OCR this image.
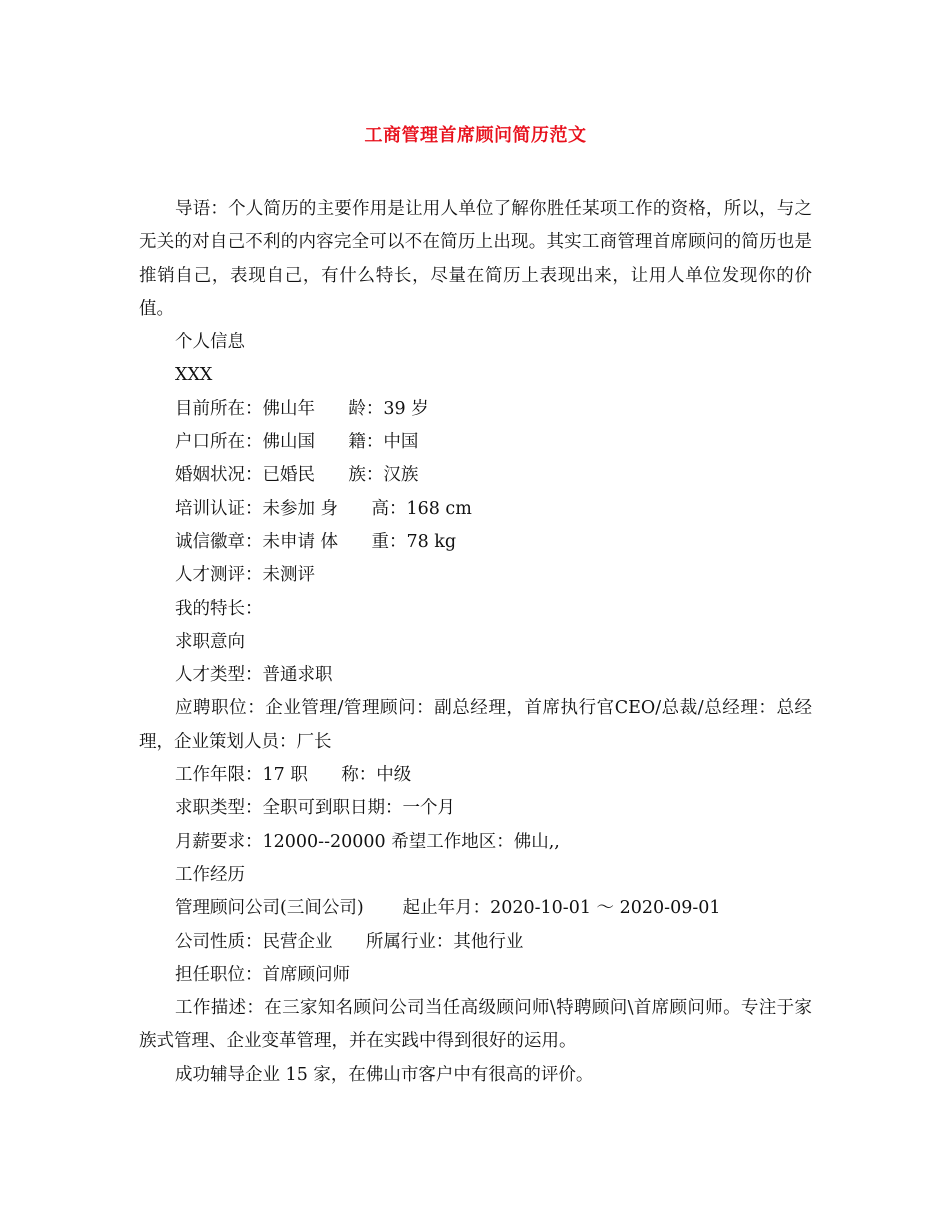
工商管理首席顾问简历范文

导语：个人简历的主要作用是让用人单位了解你胜任某项工作的资格，所以，与之无关的对自己不利的内容完全可以不在简历上出现。其实工商管理首席顾问的简历也是推销自己，表现自己，有什么特长，尽量在简历上表现出来，让用人单位发现你的价值。

个人信息

XXX

目前所在：佛山年      龄：39 岁

户口所在：佛山国      籍：中国

婚姻状况：已婚民      族：汉族

培训认证：未参加 身      高：168 cm

诚信徽章：未申请 体      重：78 kg

人才测评：未测评

我的特长：

求职意向

人才类型：普通求职

应聘职位：企业管理/管理顾问：副总经理，首席执行官CEO/总裁/总经理：总经理，企业策划人员：厂长

工作年限：17 职      称：中级

求职类型：全职可到职日期：一个月

月薪要求：12000--20000 希望工作地区：佛山,,

工作经历

管理顾问公司(三间公司)       起止年月：2020-10-01 ～ 2020-09-01

公司性质：民营企业      所属行业：其他行业

担任职位：首席顾问师

工作描述：在三家知名顾问公司当任高级顾问师\特聘顾问\首席顾问师。专注于家族式管理、企业变革管理，并在实践中得到很好的运用。

成功辅导企业 15 家，在佛山市客户中有很高的评价。
